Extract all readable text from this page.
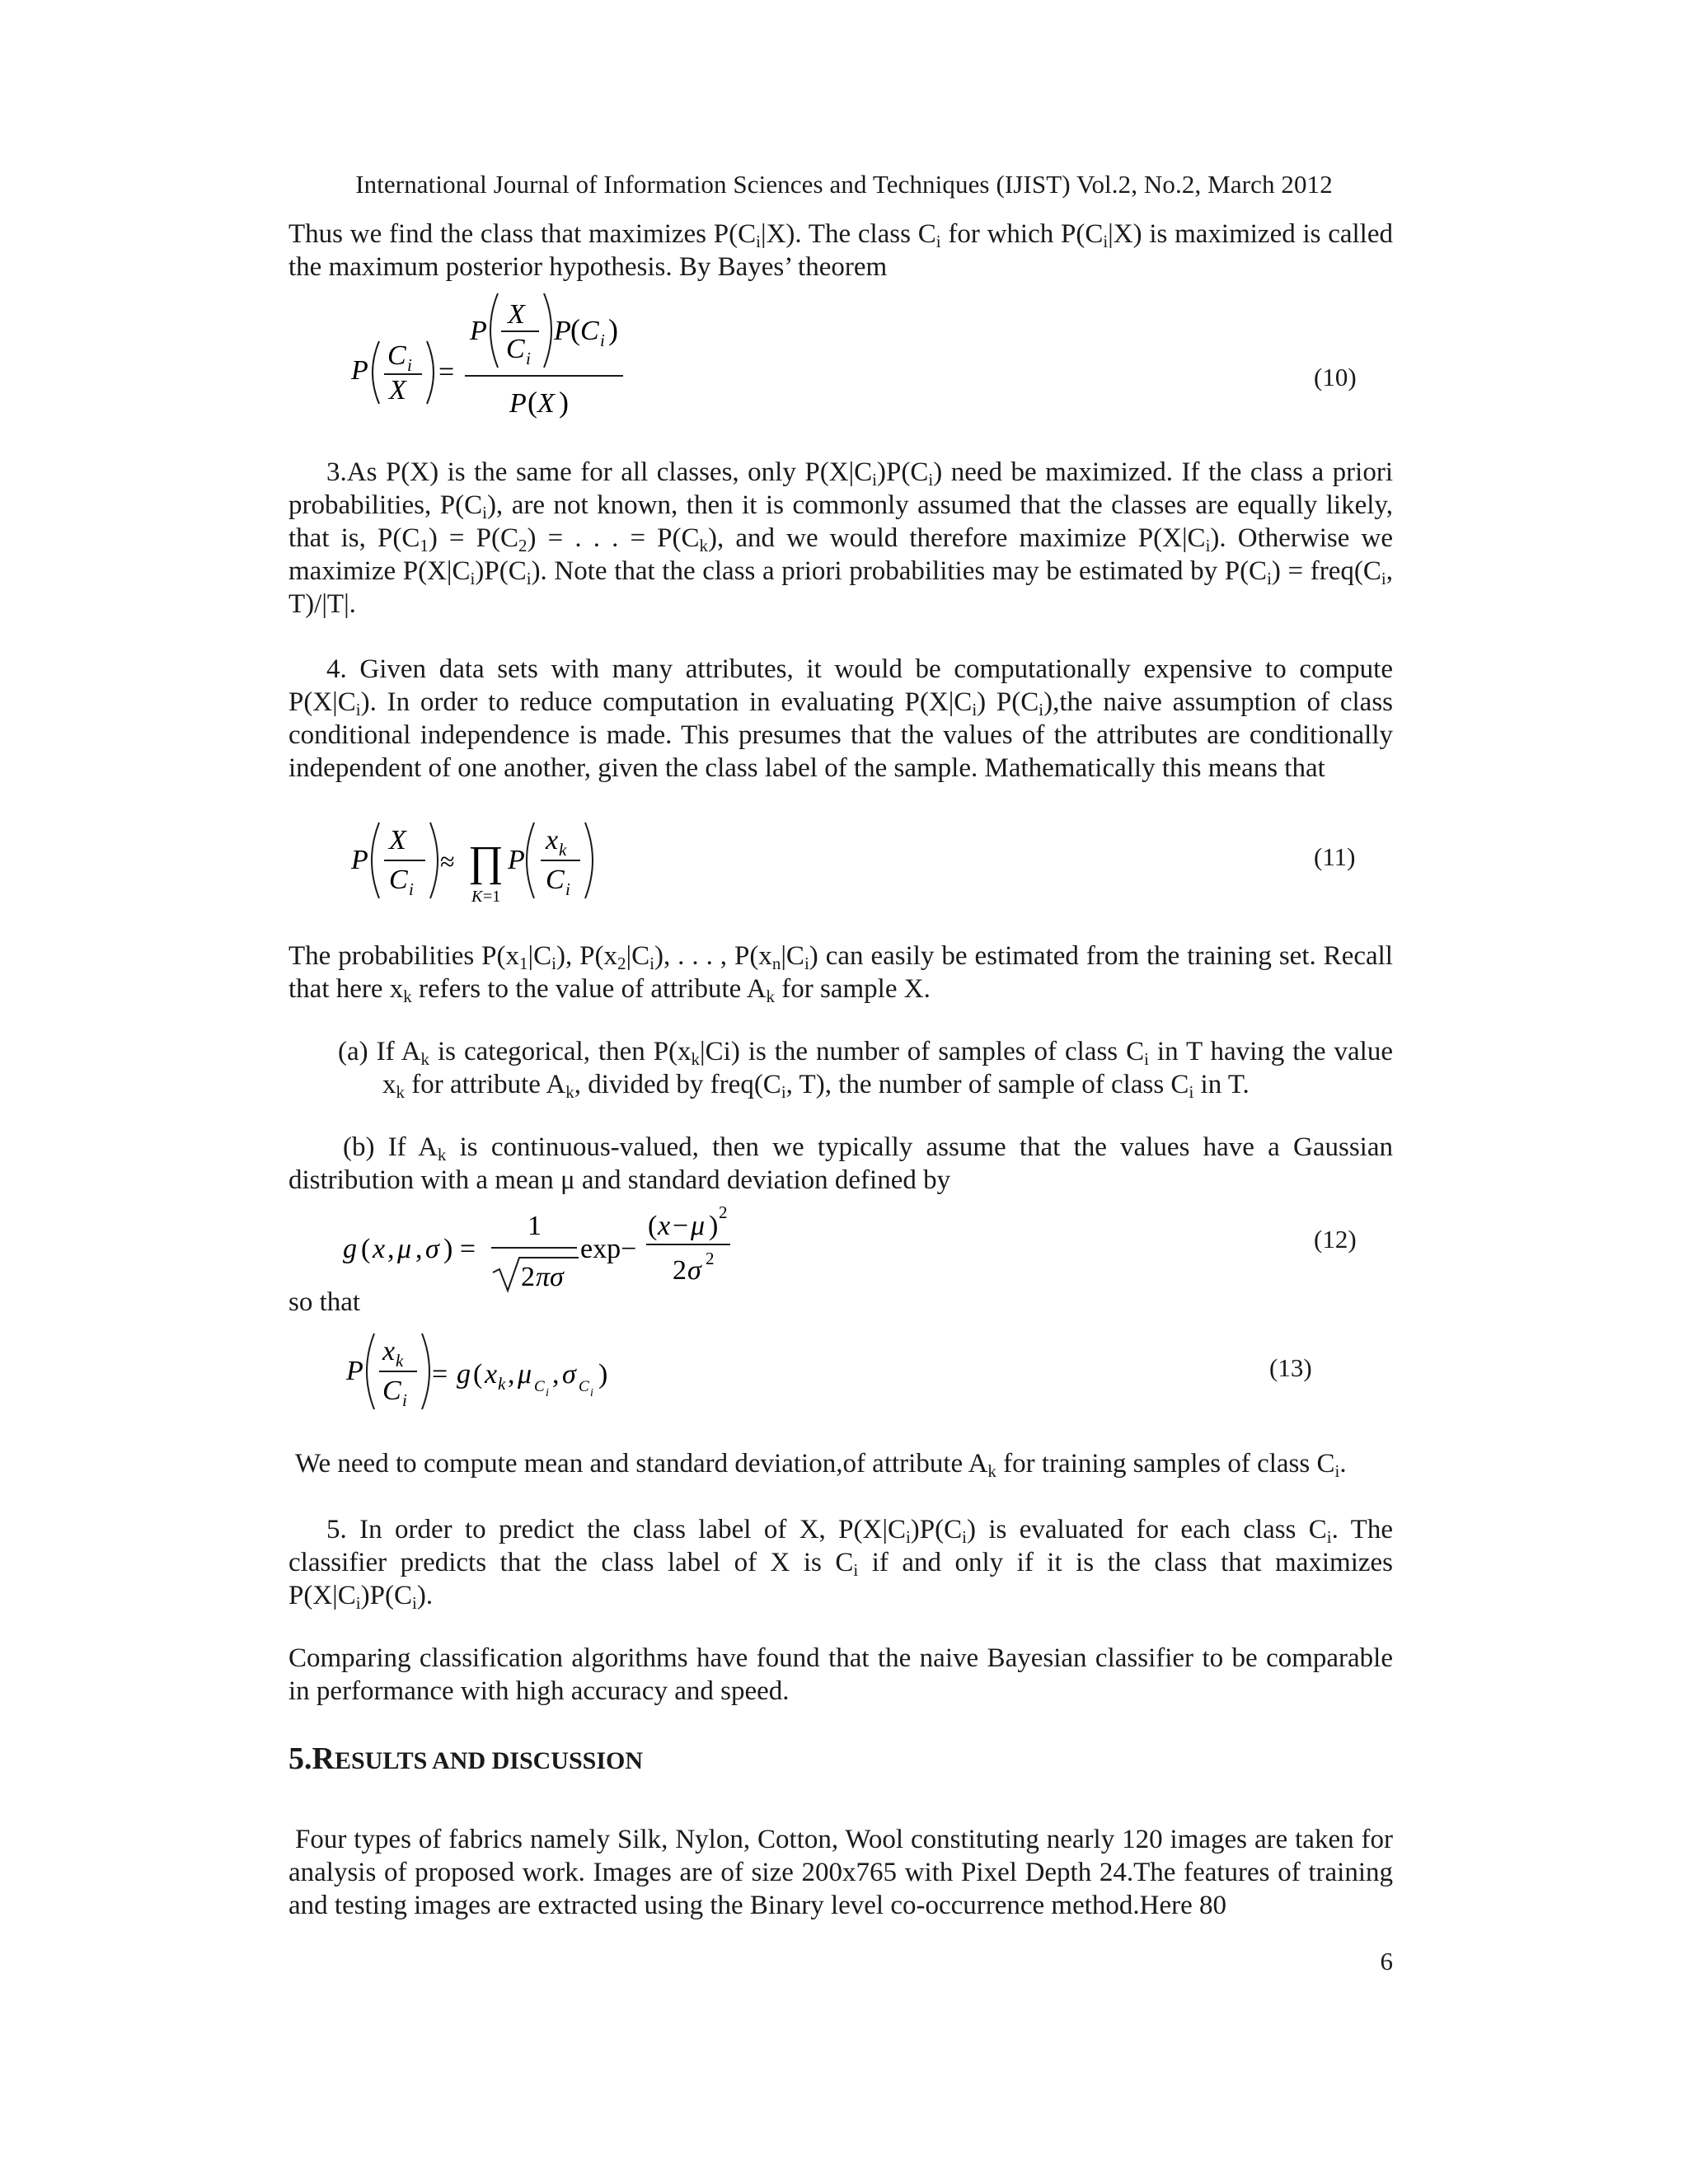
International Journal of Information Sciences and Techniques (IJIST) Vol.2, No.2, March 2012
Thus we find the class that maximizes $P(C_i|X)$. The class $C_i$ for which $P(C_i|X)$ is maximized is called the maximum posterior hypothesis. By Bayes’ theorem
P C i
X
=
P
X
C i
P ( C i )
P ( X )
(10)
3.As P(X) is the same for all classes, only $P(X|C_i)P(C_i)$ need be maximized. If the class a priori probabilities, $P(C_i)$, are not known, then it is commonly assumed that the classes are equally likely, that is, $P(C_1) = P(C_2)$ = . . . = $P(C_k)$, and we would therefore maximize $P(X|C_i)$. Otherwise we maximize $P(X|C_i)P(C_i)$. Note that the class a priori probabilities may be estimated by $P(C_i)$ = $freq(C_i$, T)/|T|.
4. Given data sets with many attributes, it would be computationally expensive to compute $P(X|C_i)$. In order to reduce computation in evaluating $P(X|C_i)$ $P(C_i),the$ naive assumption of class conditional independence is made. This presumes that the values of the attributes are conditionally independent of one another, given the class label of the sample. Mathematically this means that
P
X
C i
≈ ∏
K =1
P
x k
C i
(11)
The probabilities $P(x_1|C_i)$, $P(x_2|C_i)$, . . . , $P(x_n|C_i)$ can easily be estimated from the training set. Recall that here $x_k$ refers to the value of attribute $A_k$ for sample X.
(a) If $A_k$ is categorical, then $P(x_k|Ci)$ is the number of samples of class $C_i$ in T having the value $x_k$ for attribute $A_k$, divided by $freq(C_i$, T), the number of sample of class $C_i$ in T.
(b) If $A_k$ is continuous-valued, then we typically assume that the values have a Gaussian distribution with a mean μ and standard deviation defined by
g ( x , μ , σ ) =
1
2 πσ
exp−
( x − μ ) 2
2 σ 2
(12)
so that
P
x k
C i
= g ( x k , μ C i
, σ C i
)	(13)
We need to compute mean and standard deviation,of attribute $A_k$ for training samples of class $C_i$.
5. In order to predict the class label of X, $P(X|C_i)P(C_i)$ is evaluated for each class $C_i$. The classifier predicts that the class label of X is $C_i$ if and only if it is the class that maximizes $P(X|C_i)P(C_i)$.
Comparing classification algorithms have found that the naive Bayesian classifier to be comparable in performance with high accuracy and speed.
5.RESULTS AND DISCUSSION
Four types of fabrics namely Silk, Nylon, Cotton, Wool constituting nearly 120 images are taken for analysis of proposed work. Images are of size 200x765 with Pixel Depth 24.The features of training and testing images are extracted using the Binary level co-occurrence method.Here 80
6
